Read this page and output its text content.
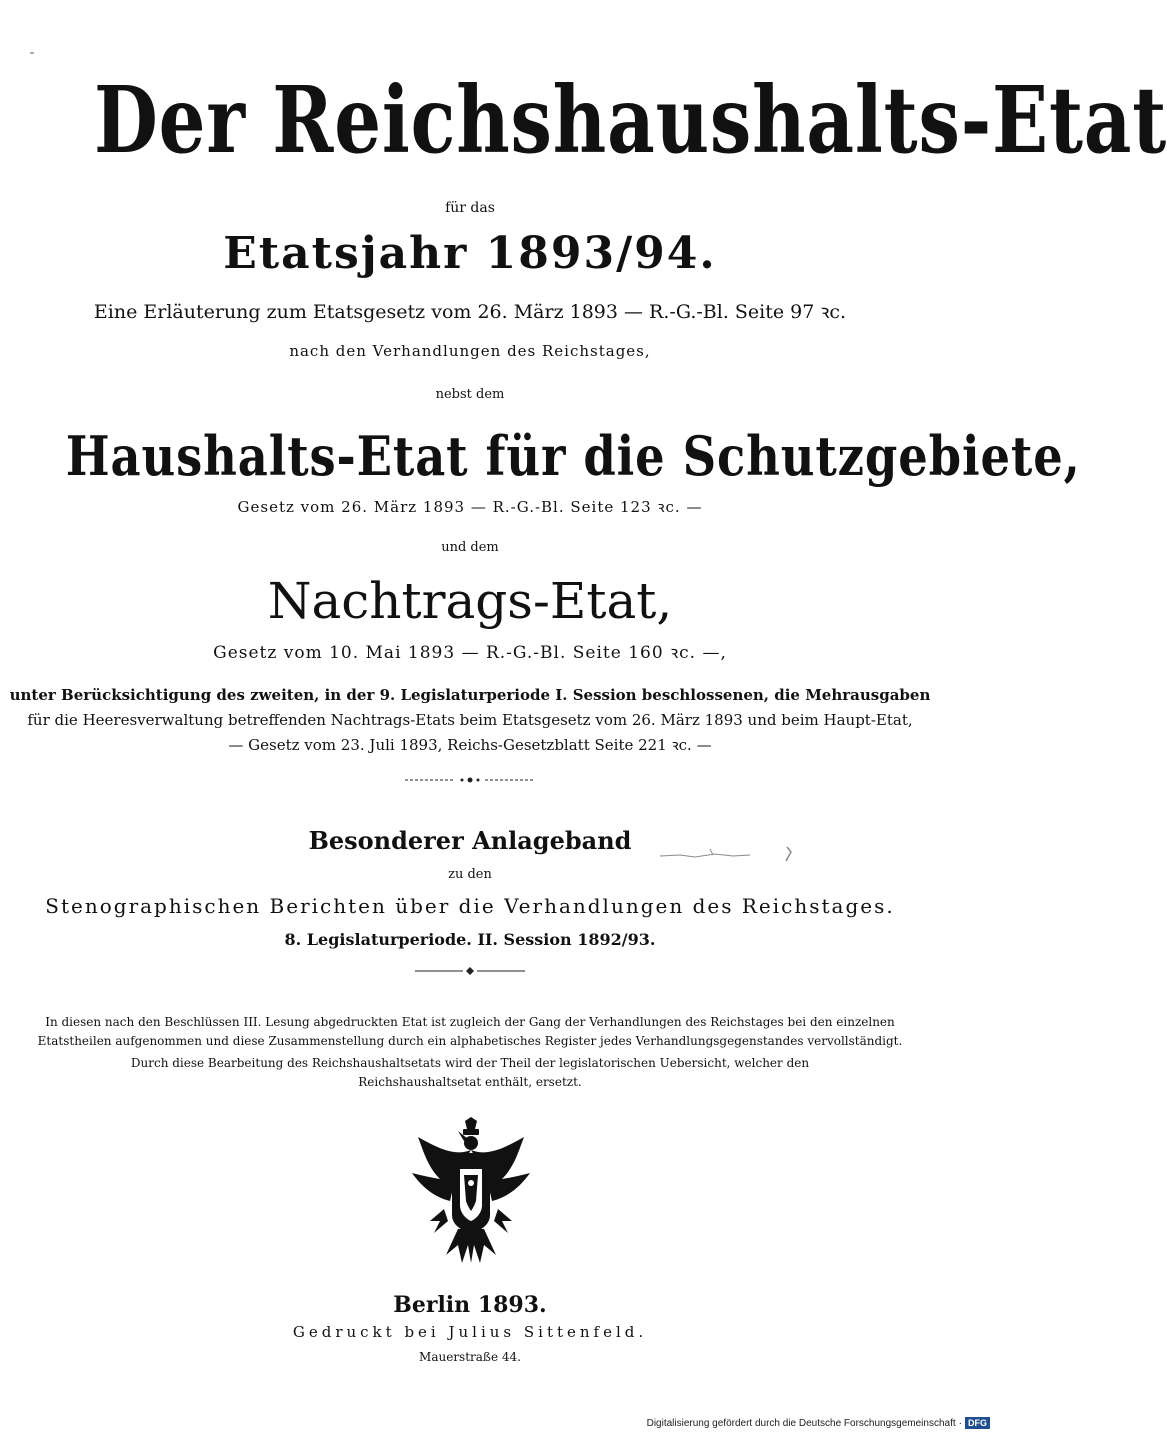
Der Reichshaushalts-Etat
für das
Etatsjahr 1893/94.
Eine Erläuterung zum Etatsgesetz vom 26. März 1893 — R.-G.-Bl. Seite 97 ꝛc.
nach den Verhandlungen des Reichstages,
nebst dem
Haushalts-Etat für die Schutzgebiete,
Gesetz vom 26. März 1893 — R.-G.-Bl. Seite 123 ꝛc. —
und dem
Nachtrags-Etat,
Gesetz vom 10. Mai 1893 — R.-G.-Bl. Seite 160 ꝛc. —,
unter Berücksichtigung des zweiten, in der 9. Legislaturperiode I. Session beschlossenen, die Mehrausgaben
für die Heeresverwaltung betreffenden Nachtrags-Etats beim Etatsgesetz vom 26. März 1893 und beim Haupt-Etat,
— Gesetz vom 23. Juli 1893, Reichs-Gesetzblatt Seite 221 ꝛc. —
Besonderer Anlageband
zu den
Stenographischen Berichten über die Verhandlungen des Reichstages.
8. Legislaturperiode. II. Session 1892/93.
In diesen nach den Beschlüssen III. Lesung abgedruckten Etat ist zugleich der Gang der Verhandlungen des Reichstages bei den einzelnen
Etatstheilen aufgenommen und diese Zusammenstellung durch ein alphabetisches Register jedes Verhandlungsgegenstandes vervollständigt.
Durch diese Bearbeitung des Reichshaushaltsetats wird der Theil der legislatorischen Uebersicht, welcher den
Reichshaushaltsetat enthält, ersetzt.
Berlin 1893.
Gedruckt bei Julius Sittenfeld.
Mauerstraße 44.
Digitalisierung gefördert durch die Deutsche Forschungsgemeinschaft · DFG
